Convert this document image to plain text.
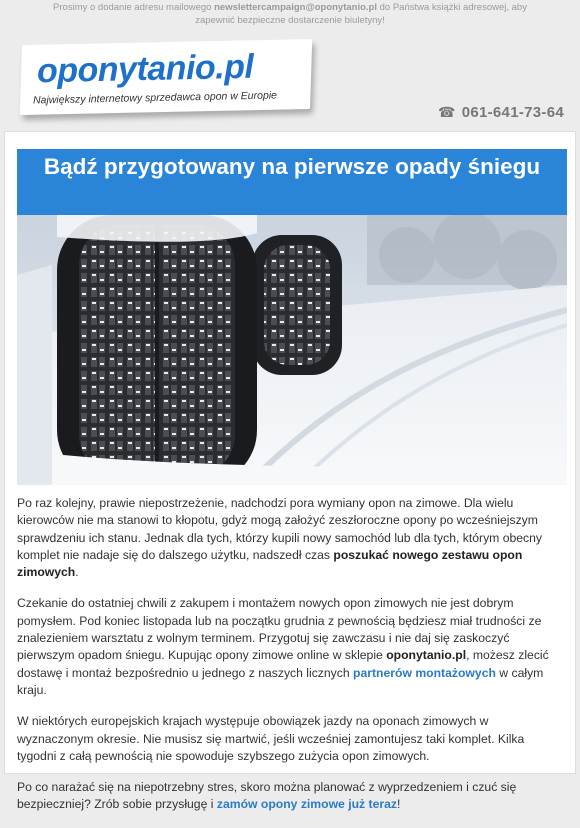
Prosimy o dodanie adresu mailowego newslettercampaign@oponytanio.pl do Państwa książki adresowej, aby zapewnić bezpieczne dostarczenie biuletyny!
oponytanio.pl
Największy internetowy sprzedawca opon w Europie
☎ 061-641-73-64
Bądź przygotowany na pierwsze opady śniegu

Po raz kolejny, prawie niepostrzeżenie, nadchodzi pora wymiany opon na zimowe. Dla wielu kierowców nie ma stanowi to kłopotu, gdyż mogą założyć zeszłoroczne opony po wcześniejszym sprawdzeniu ich stanu. Jednak dla tych, którzy kupili nowy samochód lub dla tych, którym obecny komplet nie nadaje się do dalszego użytku, nadszedł czas poszukać nowego zestawu opon zimowych.

Czekanie do ostatniej chwili z zakupem i montażem nowych opon zimowych nie jest dobrym pomysłem. Pod koniec listopada lub na początku grudnia z pewnością będziesz miał trudności ze znalezieniem warsztatu z wolnym terminem. Przygotuj się zawczasu i nie daj się zaskoczyć pierwszym opadom śniegu. Kupując opony zimowe online w sklepie oponytanio.pl, możesz zlecić dostawę i montaż bezpośrednio u jednego z naszych licznych partnerów montażowych w całym kraju.

W niektórych europejskich krajach występuje obowiązek jazdy na oponach zimowych w wyznaczonym okresie. Nie musisz się martwić, jeśli wcześniej zamontujesz taki komplet. Kilka tygodni z całą pewnością nie spowoduje szybszego zużycia opon zimowych.

Po co narażać się na niepotrzebny stres, skoro można planować z wyprzedzeniem i czuć się bezpieczniej? Zrób sobie przysługę i zamów opony zimowe już teraz!
